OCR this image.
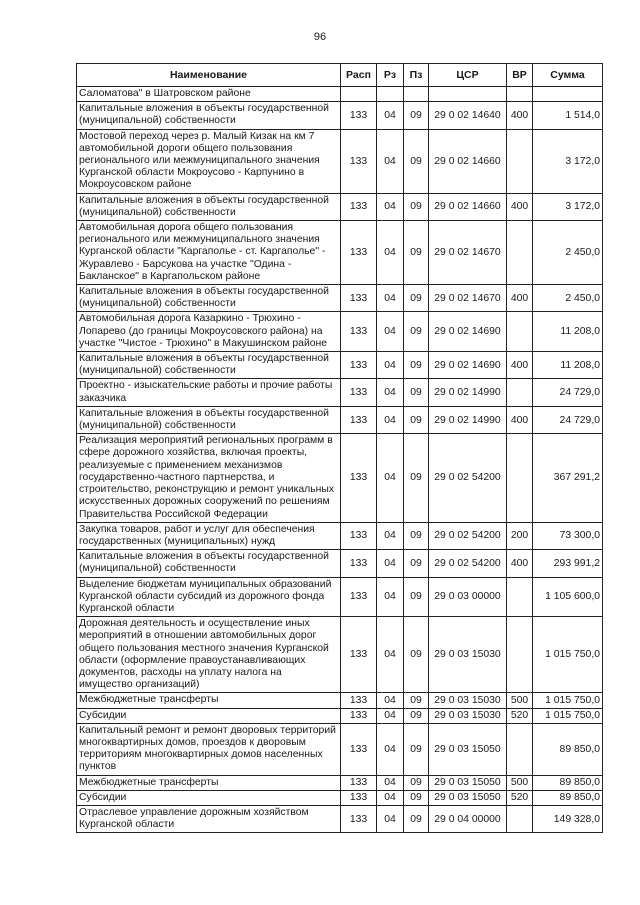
96
Наименование	Расп	Рз	Пз	ЦСР	ВР	Сумма
Саломатова" в Шатровском районе						
Капитальные вложения в объекты государственной (муниципальной) собственности	133	04	09	29 0 02 14640	400	1 514,0
Мостовой переход через р. Малый Кизак на км 7 автомобильной дороги общего пользования регионального или межмуниципального значения Курганской области Мокроусово - Карпунино в Мокроусовском районе	133	04	09	29 0 02 14660		3 172,0
Капитальные вложения в объекты государственной (муниципальной) собственности	133	04	09	29 0 02 14660	400	3 172,0
Автомобильная дорога общего пользования регионального или межмуниципального значения Курганской области "Каргаполье - ст. Каргаполье" - Журавлево - Барсукова на участке "Одина - Бакланское" в Каргапольском районе	133	04	09	29 0 02 14670		2 450,0
Капитальные вложения в объекты государственной (муниципальной) собственности	133	04	09	29 0 02 14670	400	2 450,0
Автомобильная дорога Казаркино - Трюхино - Лопарево (до границы Мокроусовского района) на участке "Чистое - Трюхино" в Макушинском районе	133	04	09	29 0 02 14690		11 208,0
Капитальные вложения в объекты государственной (муниципальной) собственности	133	04	09	29 0 02 14690	400	11 208,0
Проектно - изыскательские работы и прочие работы заказчика	133	04	09	29 0 02 14990		24 729,0
Капитальные вложения в объекты государственной (муниципальной) собственности	133	04	09	29 0 02 14990	400	24 729,0
Реализация мероприятий региональных программ в сфере дорожного хозяйства, включая проекты, реализуемые с применением механизмов государственно-частного партнерства, и строительство, реконструкцию и ремонт уникальных искусственных дорожных сооружений по решениям Правительства Российской Федерации	133	04	09	29 0 02 54200		367 291,2
Закупка товаров, работ и услуг для обеспечения государственных (муниципальных) нужд	133	04	09	29 0 02 54200	200	73 300,0
Капитальные вложения в объекты государственной (муниципальной) собственности	133	04	09	29 0 02 54200	400	293 991,2
Выделение бюджетам муниципальных образований Курганской области субсидий из дорожного фонда Курганской области	133	04	09	29 0 03 00000		1 105 600,0
Дорожная деятельность и осуществление иных мероприятий в отношении автомобильных дорог общего пользования местного значения Курганской области (оформление правоустанавливающих документов, расходы на уплату налога на имущество организаций)	133	04	09	29 0 03 15030		1 015 750,0
Межбюджетные трансферты	133	04	09	29 0 03 15030	500	1 015 750,0
Субсидии	133	04	09	29 0 03 15030	520	1 015 750,0
Капитальный ремонт и ремонт дворовых территорий многоквартирных домов, проездов к дворовым территориям многоквартирных домов населенных пунктов	133	04	09	29 0 03 15050		89 850,0
Межбюджетные трансферты	133	04	09	29 0 03 15050	500	89 850,0
Субсидии	133	04	09	29 0 03 15050	520	89 850,0
Отраслевое управление дорожным хозяйством Курганской области	133	04	09	29 0 04 00000		149 328,0
